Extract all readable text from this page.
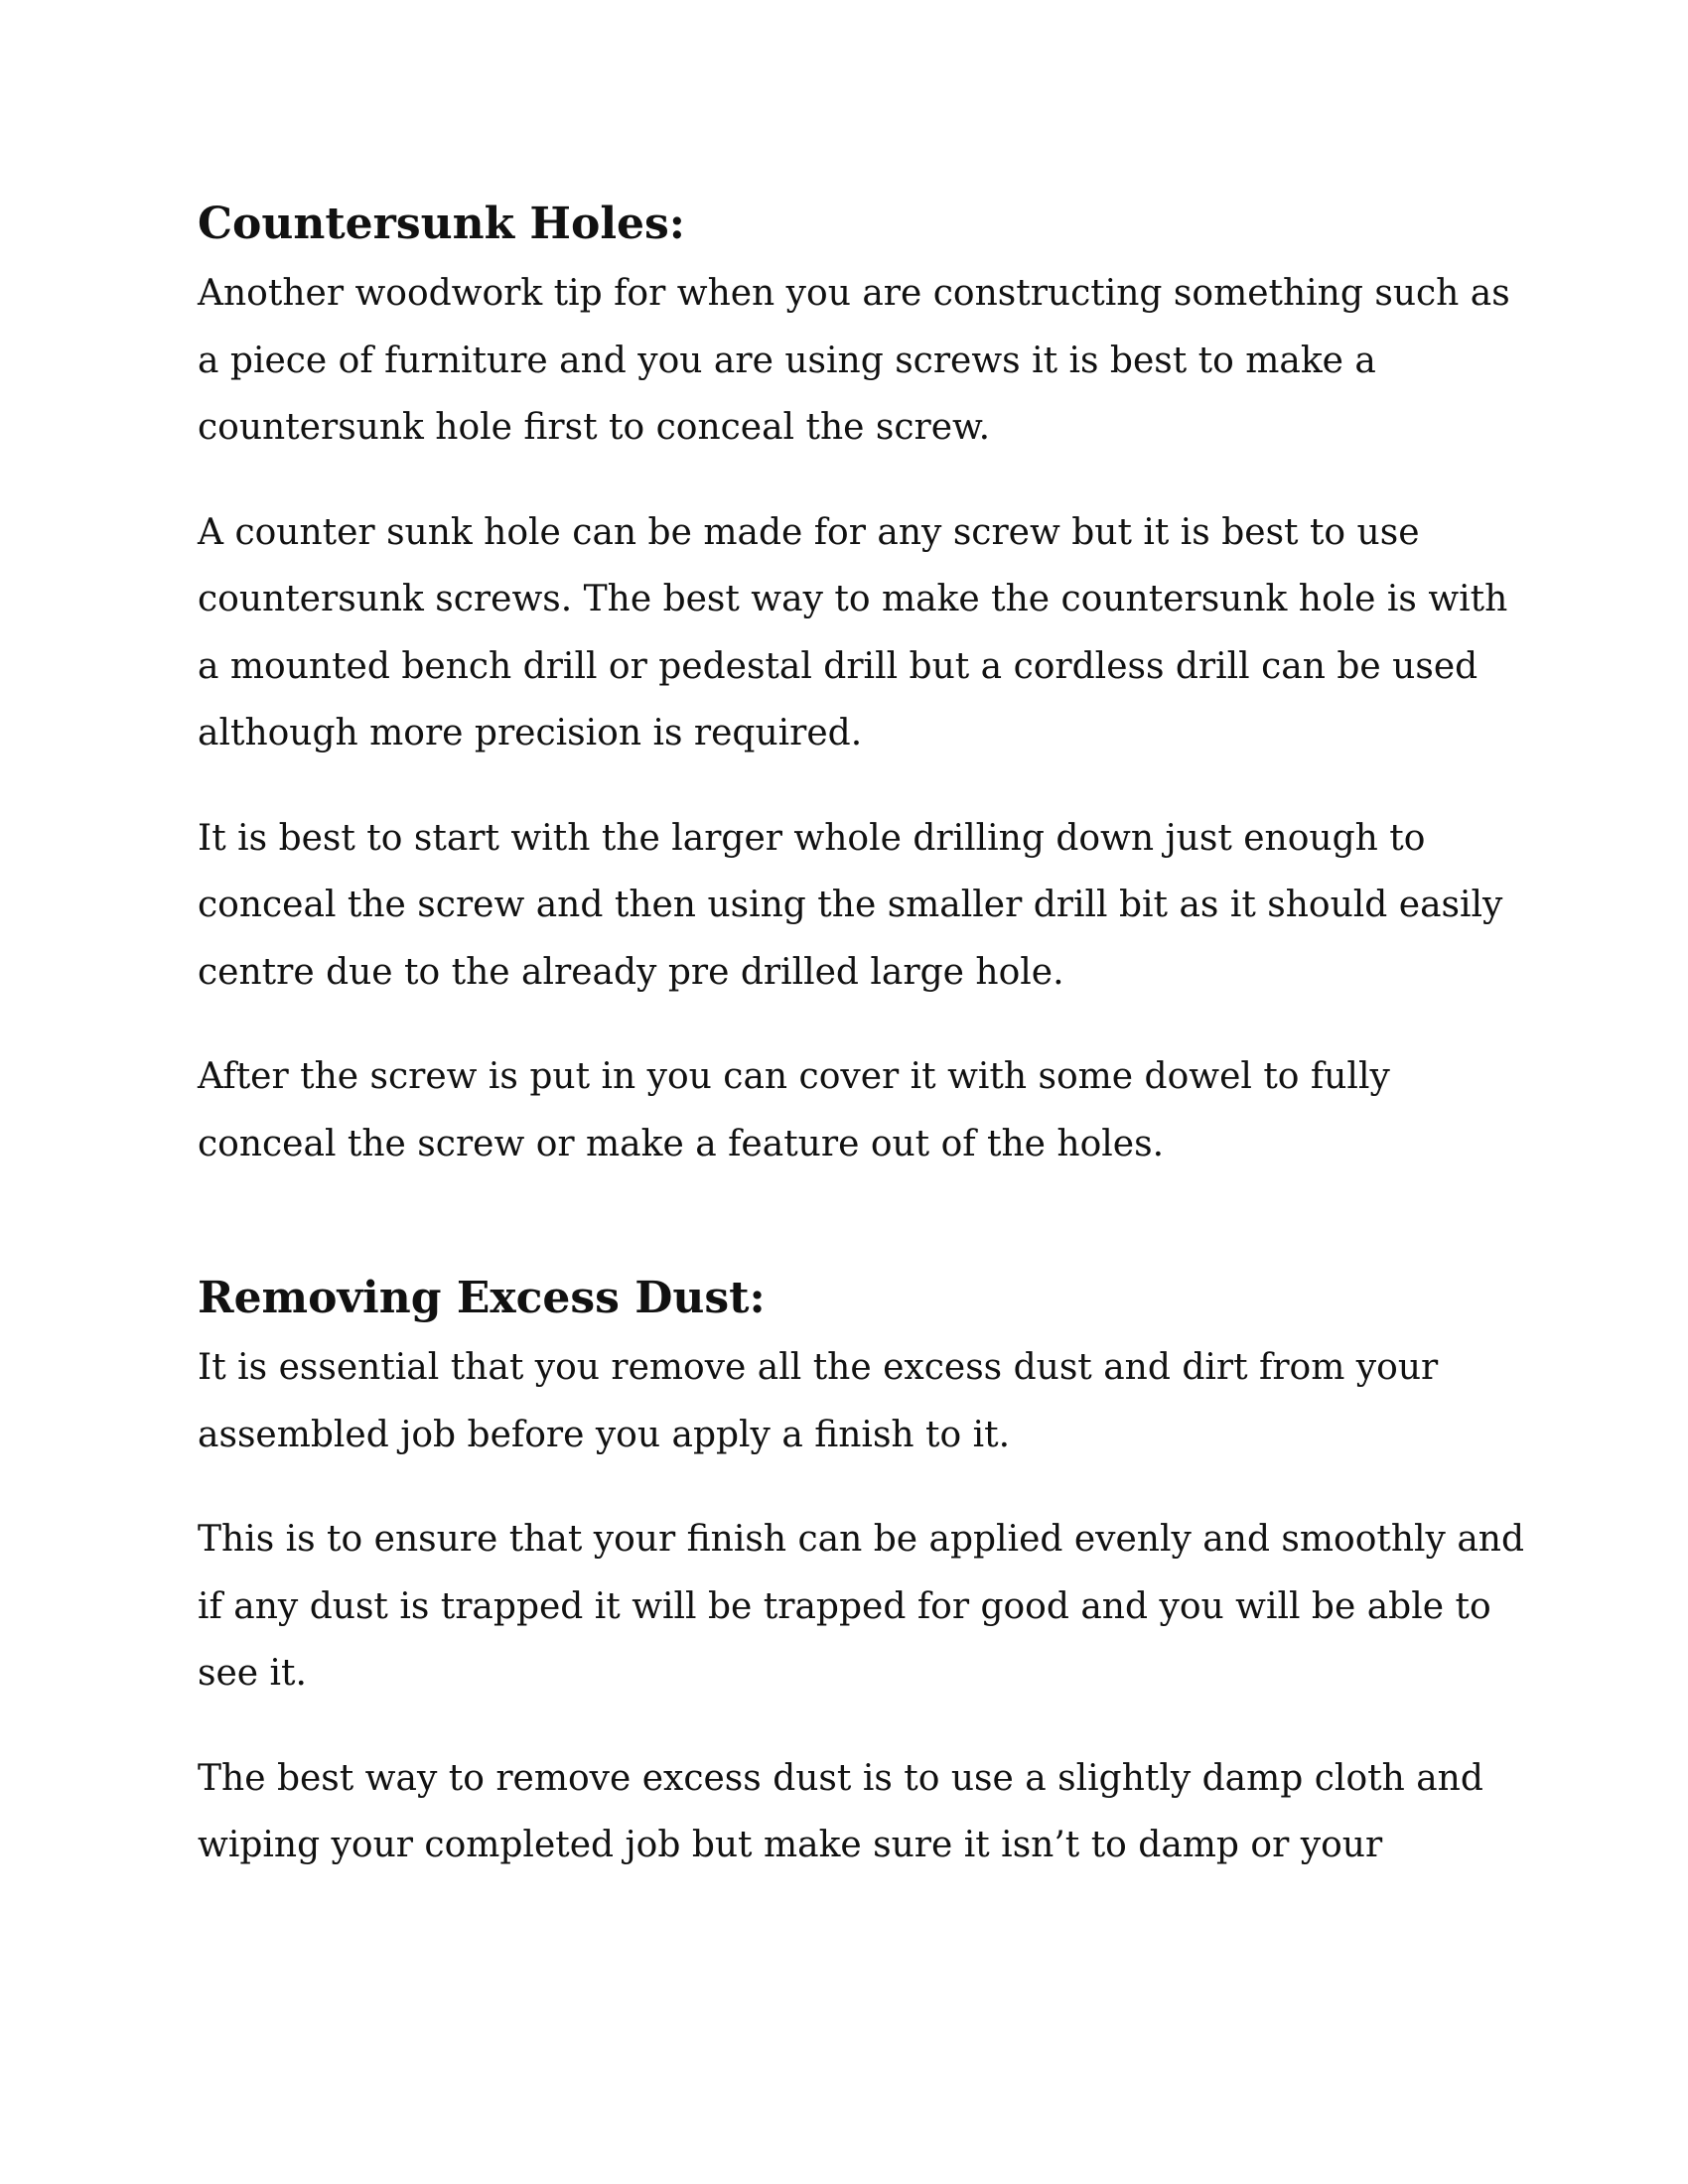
Countersunk Holes:

Another woodwork tip for when you are constructing something such as a piece of furniture and you are using screws it is best to make a countersunk hole first to conceal the screw.

A counter sunk hole can be made for any screw but it is best to use countersunk screws. The best way to make the countersunk hole is with a mounted bench drill or pedestal drill but a cordless drill can be used although more precision is required.

It is best to start with the larger whole drilling down just enough to conceal the screw and then using the smaller drill bit as it should easily centre due to the already pre drilled large hole.

After the screw is put in you can cover it with some dowel to fully conceal the screw or make a feature out of the holes.

Removing Excess Dust:

It is essential that you remove all the excess dust and dirt from your assembled job before you apply a finish to it.

This is to ensure that your finish can be applied evenly and smoothly and if any dust is trapped it will be trapped for good and you will be able to see it.

The best way to remove excess dust is to use a slightly damp cloth and wiping your completed job but make sure it isn’t to damp or your
